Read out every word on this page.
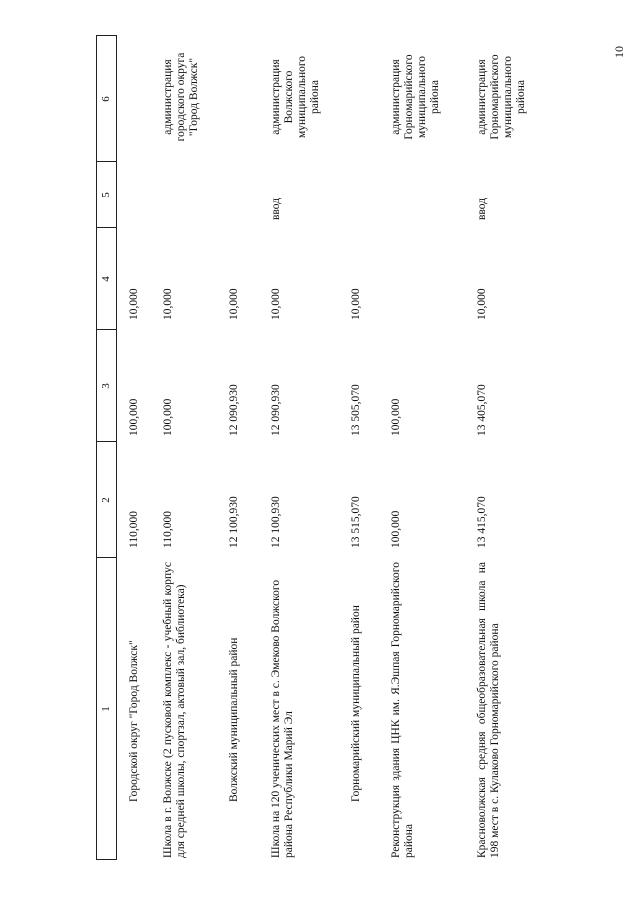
10
1
2
3
4
5
6
Городской округ "Город Волжск"
110,000
100,000
10,000
Школа в г. Волжске (2 пусковой комплекс - учебный корпус для средней школы, спортзал, актовый зал, библиотека)
110,000
100,000
10,000
администрация городского округа "Город Волжск"
Волжский муниципальный район
12 100,930
12 090,930
10,000
Школа на 120 ученических мест в с. Эмеково Волжского района Республики Марий Эл
12 100,930
12 090,930
10,000
ввод
администрация Волжского муниципального района
Горномарийский муниципальный район
13 515,070
13 505,070
10,000
Реконструкция здания ЦНК им. Я.Эшпая Горномарийского района
100,000
100,000
администрация Горномарийского муниципального района
Красноволжская средняя общеобразовательная школа на 198 мест в с. Кулаково Горномарийского района
13 415,070
13 405,070
10,000
ввод
администрация Горномарийского муниципального района
